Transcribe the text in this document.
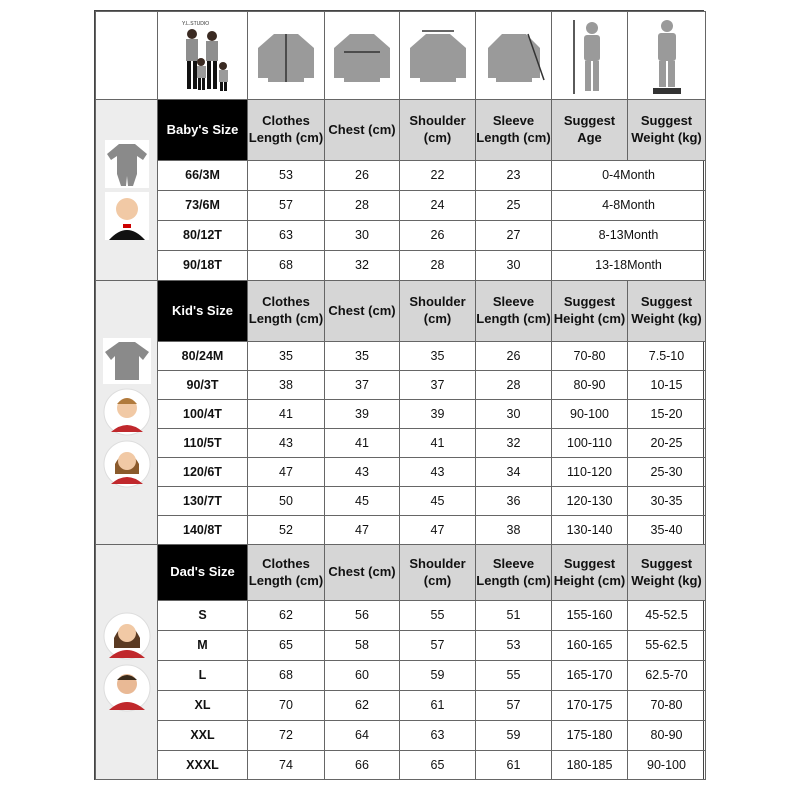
Y.L.STUDIO

	Baby's Size	Clothes Length (cm)	Chest (cm)	Shoulder (cm)	Sleeve Length (cm)	Suggest Age	Suggest Weight (kg)
	66/3M	53	26	22	23	0-4Month	
	73/6M	57	28	24	25	4-8Month	
	80/12T	63	30	26	27	8-13Month	
	90/18T	68	32	28	30	13-18Month	

	Kid's Size	Clothes Length (cm)	Chest (cm)	Shoulder (cm)	Sleeve Length (cm)	Suggest Height (cm)	Suggest Weight (kg)
	80/24M	35	35	35	26	70-80	7.5-10
	90/3T	38	37	37	28	80-90	10-15
	100/4T	41	39	39	30	90-100	15-20
	110/5T	43	41	41	32	100-110	20-25
	120/6T	47	43	43	34	110-120	25-30
	130/7T	50	45	45	36	120-130	30-35
	140/8T	52	47	47	38	130-140	35-40

	Dad's Size	Clothes Length (cm)	Chest (cm)	Shoulder (cm)	Sleeve Length (cm)	Suggest Height (cm)	Suggest Weight (kg)
	S	62	56	55	51	155-160	45-52.5
	M	65	58	57	53	160-165	55-62.5
	L	68	60	59	55	165-170	62.5-70
	XL	70	62	61	57	170-175	70-80
	XXL	72	64	63	59	175-180	80-90
	XXXL	74	66	65	61	180-185	90-100
